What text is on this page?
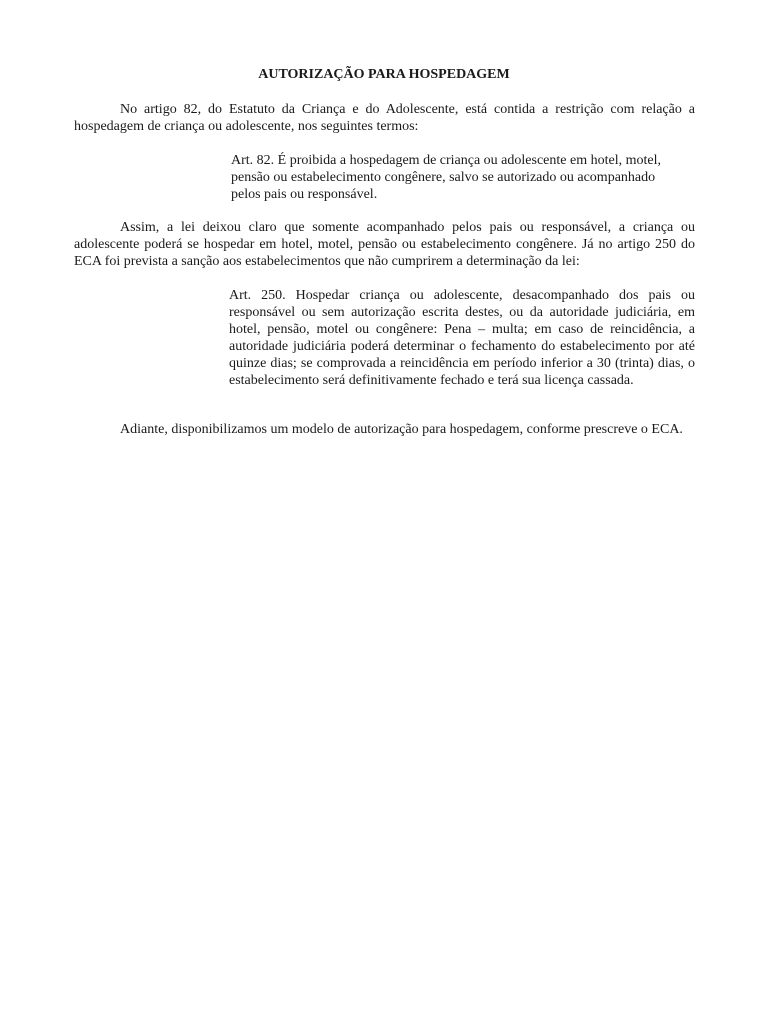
AUTORIZAÇÃO PARA HOSPEDAGEM

No artigo 82, do Estatuto da Criança e do Adolescente, está contida a restrição com relação a hospedagem de criança ou adolescente, nos seguintes termos:

Art. 82. É proibida a hospedagem de criança ou adolescente em hotel, motel, pensão ou estabelecimento congênere, salvo se autorizado ou acompanhado pelos pais ou responsável.

Assim, a lei deixou claro que somente acompanhado pelos pais ou responsável, a criança ou adolescente poderá se hospedar em hotel, motel, pensão ou estabelecimento congênere. Já no artigo 250 do ECA foi prevista a sanção aos estabelecimentos que não cumprirem a determinação da lei:

Art. 250. Hospedar criança ou adolescente, desacompanhado dos pais ou responsável ou sem autorização escrita destes, ou da autoridade judiciária, em hotel, pensão, motel ou congênere: Pena – multa; em caso de reincidência, a autoridade judiciária poderá determinar o fechamento do estabelecimento por até quinze dias; se comprovada a reincidência em período inferior a 30 (trinta) dias, o estabelecimento será definitivamente fechado e terá sua licença cassada.

Adiante, disponibilizamos um modelo de autorização para hospedagem, conforme prescreve o ECA.
